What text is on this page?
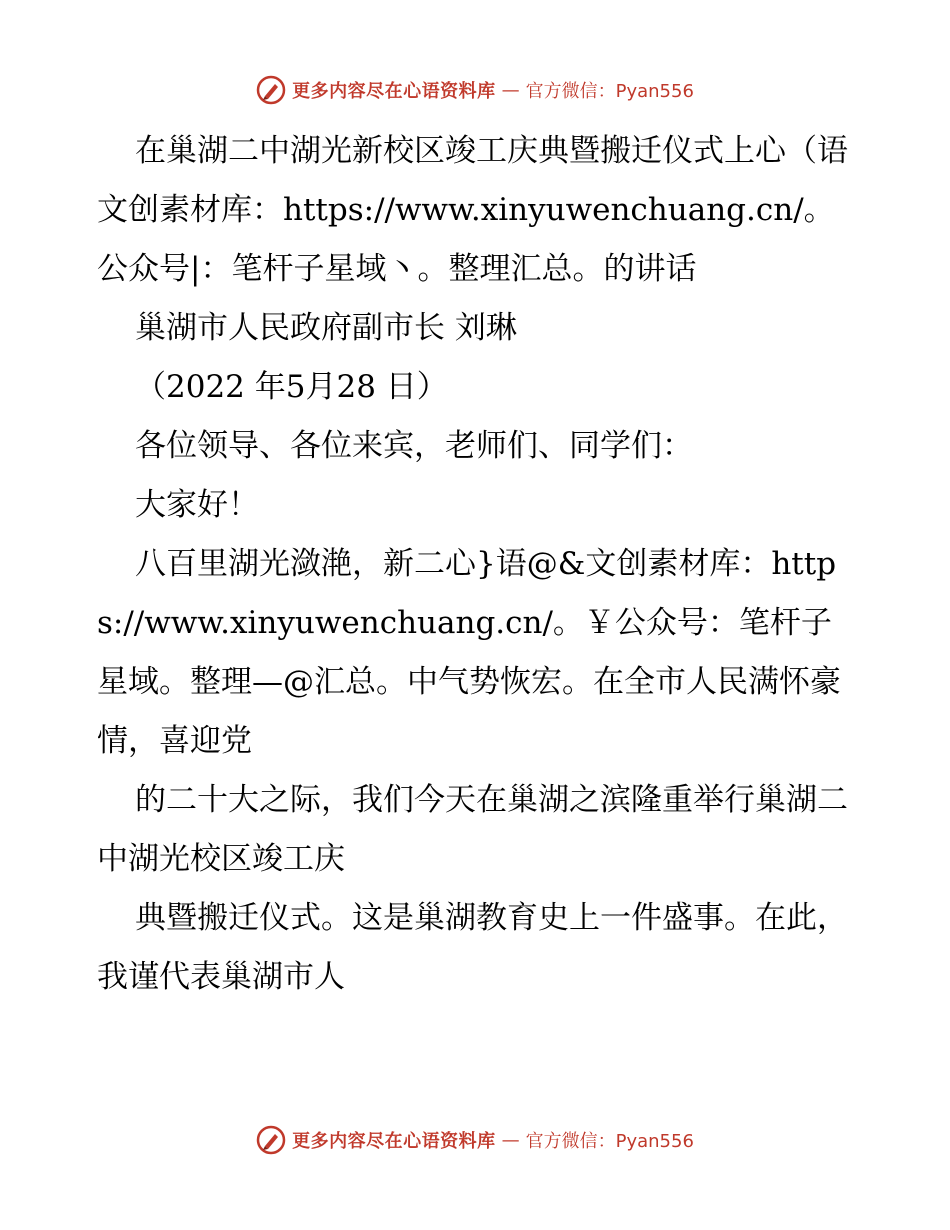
更多内容尽在心语资料库 — 官方微信：Pyan556

在巢湖二中湖光新校区竣工庆典暨搬迁仪式上心（语文创素材库：https://www.xinyuwenchuang.cn/。公众号|：笔杆子星域丶。整理汇总。的讲话

巢湖市人民政府副市长 刘琳

（2022 年5月28 日）

各位领导、各位来宾，老师们、同学们：

大家好！

八百里湖光潋滟，新二心}语@&文创素材库：https://www.xinyuwenchuang.cn/。￥公众号：笔杆子星域。整理—@汇总。中气势恢宏。在全市人民满怀豪情，喜迎党

的二十大之际，我们今天在巢湖之滨隆重举行巢湖二中湖光校区竣工庆

典暨搬迁仪式。这是巢湖教育史上一件盛事。在此，我谨代表巢湖市人

更多内容尽在心语资料库 — 官方微信：Pyan556
